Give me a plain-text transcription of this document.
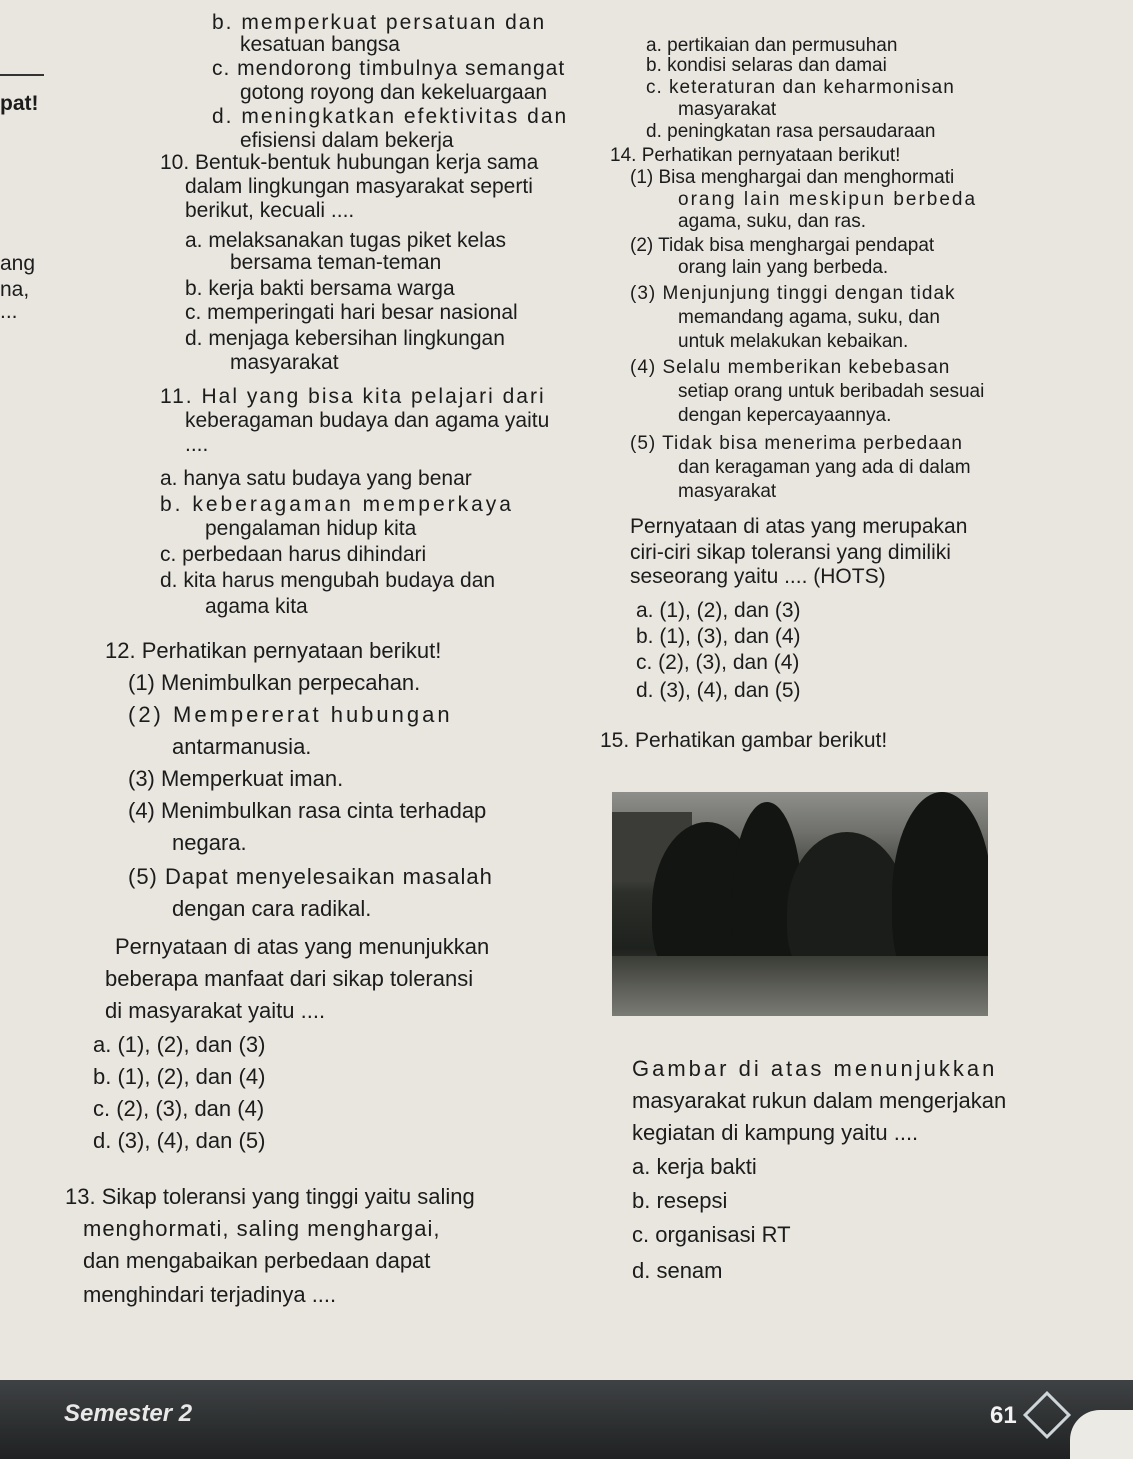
pat!
ang
na,
...
b. memperkuat persatuan dan
kesatuan bangsa
c. mendorong timbulnya semangat
gotong royong dan kekeluargaan
d. meningkatkan efektivitas dan
efisiensi dalam bekerja
10. Bentuk-bentuk hubungan kerja sama
dalam lingkungan masyarakat seperti
berikut, kecuali ....
a. melaksanakan tugas piket kelas
bersama teman-teman
b. kerja bakti bersama warga
c. memperingati hari besar nasional
d. menjaga kebersihan lingkungan
masyarakat
11. Hal yang bisa kita pelajari dari
keberagaman budaya dan agama yaitu
....
a. hanya satu budaya yang benar
b. keberagaman memperkaya
pengalaman hidup kita
c. perbedaan harus dihindari
d. kita harus mengubah budaya dan
agama kita
12. Perhatikan pernyataan berikut!
(1) Menimbulkan perpecahan.
(2) Mempererat hubungan
antarmanusia.
(3) Memperkuat iman.
(4) Menimbulkan rasa cinta terhadap
negara.
(5) Dapat menyelesaikan masalah
dengan cara radikal.
Pernyataan di atas yang menunjukkan
beberapa manfaat dari sikap toleransi
di masyarakat yaitu ....
a. (1), (2), dan (3)
b. (1), (2), dan (4)
c. (2), (3), dan (4)
d. (3), (4), dan (5)
13. Sikap toleransi yang tinggi yaitu saling
menghormati, saling menghargai,
dan mengabaikan perbedaan dapat
menghindari terjadinya ....
a. pertikaian dan permusuhan
b. kondisi selaras dan damai
c. keteraturan dan keharmonisan
masyarakat
d. peningkatan rasa persaudaraan
14. Perhatikan pernyataan berikut!
(1) Bisa menghargai dan menghormati
orang lain meskipun berbeda
agama, suku, dan ras.
(2) Tidak bisa menghargai pendapat
orang lain yang berbeda.
(3) Menjunjung tinggi dengan tidak
memandang agama, suku, dan
untuk melakukan kebaikan.
(4) Selalu memberikan kebebasan
setiap orang untuk beribadah sesuai
dengan kepercayaannya.
(5) Tidak bisa menerima perbedaan
dan keragaman yang ada di dalam
masyarakat
Pernyataan di atas yang merupakan
ciri-ciri sikap toleransi yang dimiliki
seseorang yaitu .... (HOTS)
a. (1), (2), dan (3)
b. (1), (3), dan (4)
c. (2), (3), dan (4)
d. (3), (4), dan (5)
15. Perhatikan gambar berikut!
Gambar di atas menunjukkan
masyarakat rukun dalam mengerjakan
kegiatan di kampung yaitu ....
a. kerja bakti
b. resepsi
c. organisasi RT
d. senam
Semester 2	61
